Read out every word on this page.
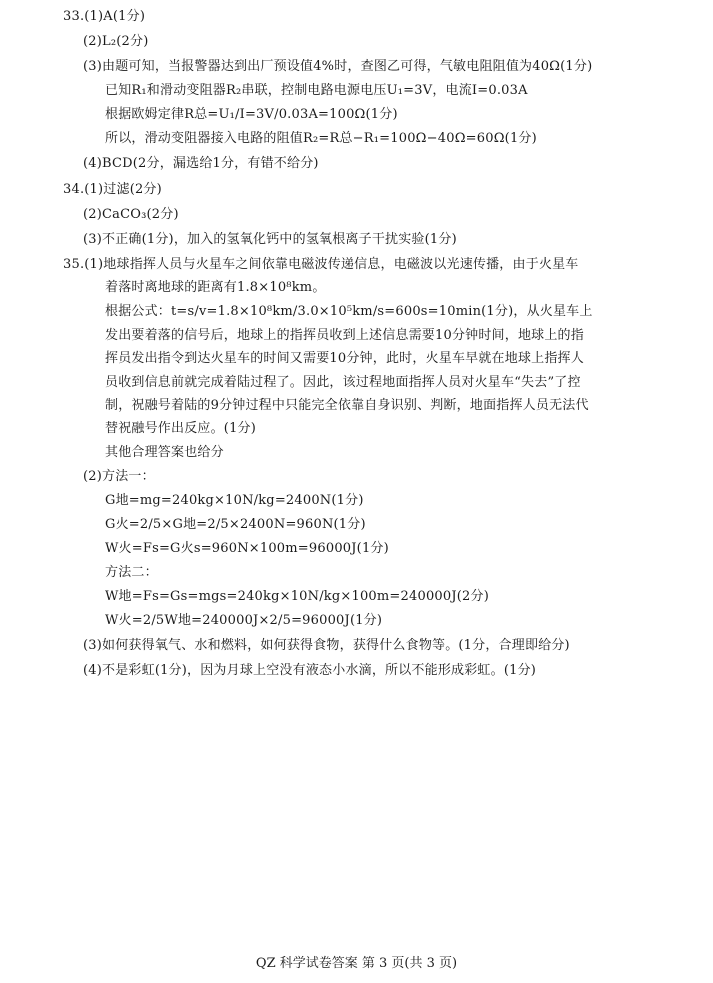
33.(1)A(1分)
(2)L₂(2分)
(3)由题可知，当报警器达到出厂预设值4%时，查图乙可得，气敏电阻阻值为40Ω(1分)
已知R₁和滑动变阻器R₂串联，控制电路电源电压U₁=3V，电流I=0.03A
根据欧姆定律R总=U₁/I=3V/0.03A=100Ω(1分)
所以，滑动变阻器接入电路的阻值R₂=R总−R₁=100Ω−40Ω=60Ω(1分)
(4)BCD(2分，漏选给1分，有错不给分)
34.(1)过滤(2分)
(2)CaCO₃(2分)
(3)不正确(1分)，加入的氢氧化钙中的氢氧根离子干扰实验(1分)
35.(1)地球指挥人员与火星车之间依靠电磁波传递信息，电磁波以光速传播，由于火星车
着落时离地球的距离有1.8×10⁸km。
根据公式：t=s/v=1.8×10⁸km/3.0×10⁵km/s=600s=10min(1分)，从火星车上
发出要着落的信号后，地球上的指挥员收到上述信息需要10分钟时间，地球上的指
挥员发出指令到达火星车的时间又需要10分钟，此时，火星车早就在地球上指挥人
员收到信息前就完成着陆过程了。因此，该过程地面指挥人员对火星车“失去”了控
制，祝融号着陆的9分钟过程中只能完全依靠自身识别、判断，地面指挥人员无法代
替祝融号作出反应。(1分)
其他合理答案也给分
(2)方法一：
G地=mg=240kg×10N/kg=2400N(1分)
G火=2/5×G地=2/5×2400N=960N(1分)
W火=Fs=G火s=960N×100m=96000J(1分)
方法二：
W地=Fs=Gs=mgs=240kg×10N/kg×100m=240000J(2分)
W火=2/5W地=240000J×2/5=96000J(1分)
(3)如何获得氧气、水和燃料，如何获得食物，获得什么食物等。(1分，合理即给分)
(4)不是彩虹(1分)，因为月球上空没有液态小水滴，所以不能形成彩虹。(1分)
QZ 科学试卷答案 第 3 页(共 3 页)
